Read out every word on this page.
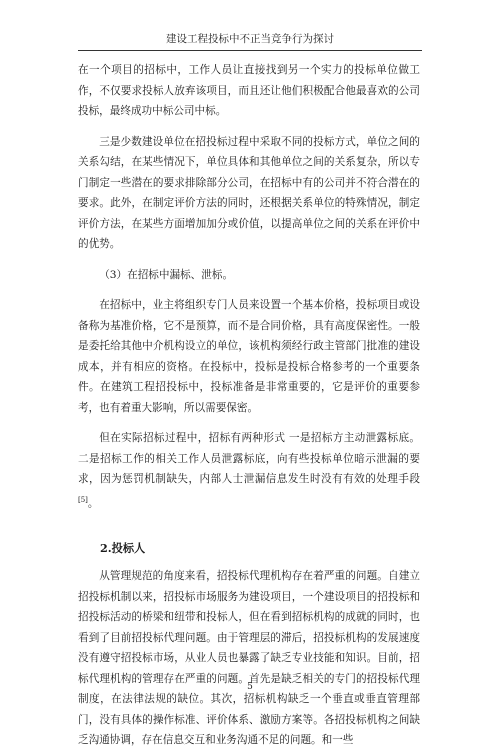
建设工程投标中不正当竞争行为探讨

在一个项目的招标中，工作人员让直接找到另一个实力的投标单位做工作，不仅要求投标人放弃该项目，而且还让他们积极配合他最喜欢的公司投标，最终成功中标公司中标。

三是少数建设单位在招投标过程中采取不同的投标方式，单位之间的关系勾结，在某些情况下，单位具体和其他单位之间的关系复杂，所以专门制定一些潜在的要求排除部分公司，在招标中有的公司并不符合潜在的要求。此外，在制定评价方法的同时，还根据关系单位的特殊情况，制定评价方法，在某些方面增加加分或价值，以提高单位之间的关系在评价中的优势。

（3）在招标中漏标、泄标。

在招标中，业主将组织专门人员来设置一个基本价格，投标项目或设备称为基准价格，它不是预算，而不是合同价格，具有高度保密性。一般是委托给其他中介机构设立的单位，该机构须经行政主管部门批准的建设成本，并有相应的资格。在投标中，投标是投标合格参考的一个重要条件。在建筑工程招投标中，投标准备是非常重要的，它是评价的重要参考，也有着重大影响，所以需要保密。

但在实际招标过程中，招标有两种形式 一是招标方主动泄露标底。二是招标工作的相关工作人员泄露标底，向有些投标单位暗示泄漏的要求，因为惩罚机制缺失，内部人士泄漏信息发生时没有有效的处理手段[5]。

2.投标人

从管理规范的角度来看，招投标代理机构存在着严重的问题。自建立招投标机制以来，招投标市场服务为建设项目，一个建设项目的招投标和招投标活动的桥梁和纽带和投标人，但在看到招标机构的成就的同时，也看到了目前招投标代理问题。由于管理层的滞后，招投标机构的发展速度没有遵守招投标市场，从业人员也暴露了缺乏专业技能和知识。目前，招标代理机构的管理存在严重的问题。首先是缺乏相关的专门的招投标代理制度，在法律法规的缺位。其次，招标机构缺乏一个垂直或垂直管理部门，没有具体的操作标准、评价体系、激励方案等。各招投标机构之间缺乏沟通协调，存在信息交互和业务沟通不足的问题。和一些

5
